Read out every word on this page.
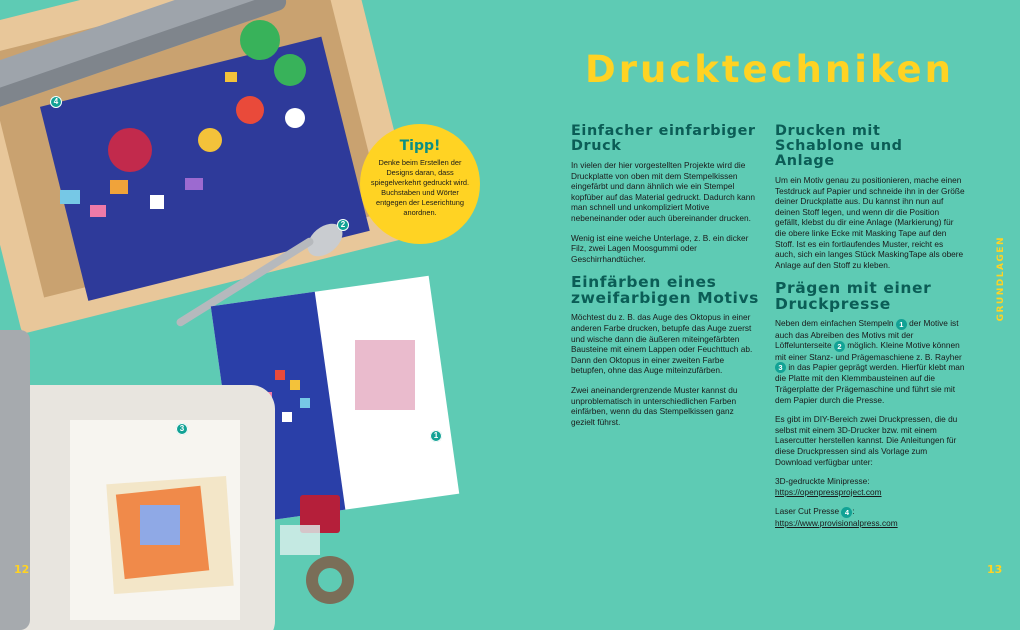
4
2
3
1
Tipp!

Denke beim Erstellen der Designs daran, dass spiegelverkehrt gedruckt wird. Buchstaben und Wörter entgegen der Leserichtung anordnen.

Drucktechniken
Einfacher einfarbiger Druck

In vielen der hier vorgestellten Projekte wird die Druckplatte von oben mit dem Stempelkissen eingefärbt und dann ähnlich wie ein Stempel kopfüber auf das Material gedruckt. Dadurch kann man schnell und unkompliziert Motive nebeneinander oder auch übereinander drucken.

Wenig ist eine weiche Unterlage, z. B. ein dicker Filz, zwei Lagen Moosgummi oder Geschirrhandtücher.

Einfärben eines zweifarbigen Motivs

Möchtest du z. B. das Auge des Oktopus in einer anderen Farbe drucken, betupfe das Auge zuerst und wische dann die äußeren miteingefärbten Bausteine mit einem Lappen oder Feuchttuch ab. Dann den Oktopus in einer zweiten Farbe betupfen, ohne das Auge miteinzufärben.

Zwei aneinandergrenzende Muster kannst du unproblematisch in unterschiedlichen Farben einfärben, wenn du das Stempelkissen ganz gezielt führst.

Drucken mit Schablone und Anlage

Um ein Motiv genau zu positionieren, mache einen Testdruck auf Papier und schneide ihn in der Größe deiner Druckplatte aus. Du kannst ihn nun auf deinen Stoff legen, und wenn dir die Position gefällt, klebst du dir eine Anlage (Markierung) für die obere linke Ecke mit Masking Tape auf den Stoff. Ist es ein fortlaufendes Muster, reicht es auch, sich ein langes Stück MaskingTape als obere Anlage auf den Stoff zu kleben.

Prägen mit einer Druckpresse

Neben dem einfachen Stempeln 1 der Motive ist auch das Abreiben des Motivs mit der Löffelunterseite 2 möglich. Kleine Motive können mit einer Stanz- und Prägemaschiene z. B. Rayher 3 in das Papier geprägt werden. Hierfür klebt man die Platte mit den Klemmbausteinen auf die Trägerplatte der Prägemaschine und führt sie mit dem Papier durch die Presse.

Es gibt im DIY-Bereich zwei Druckpressen, die du selbst mit einem 3D-Drucker bzw. mit einem Lasercutter herstellen kannst. Die Anleitungen für diese Druckpressen sind als Vorlage zum Download verfügbar unter:

3D-gedruckte Minipresse:
https://openpressproject.com

Laser Cut Presse 4 :
https://www.provisionalpress.com

GRUNDLAGEN
12	13
